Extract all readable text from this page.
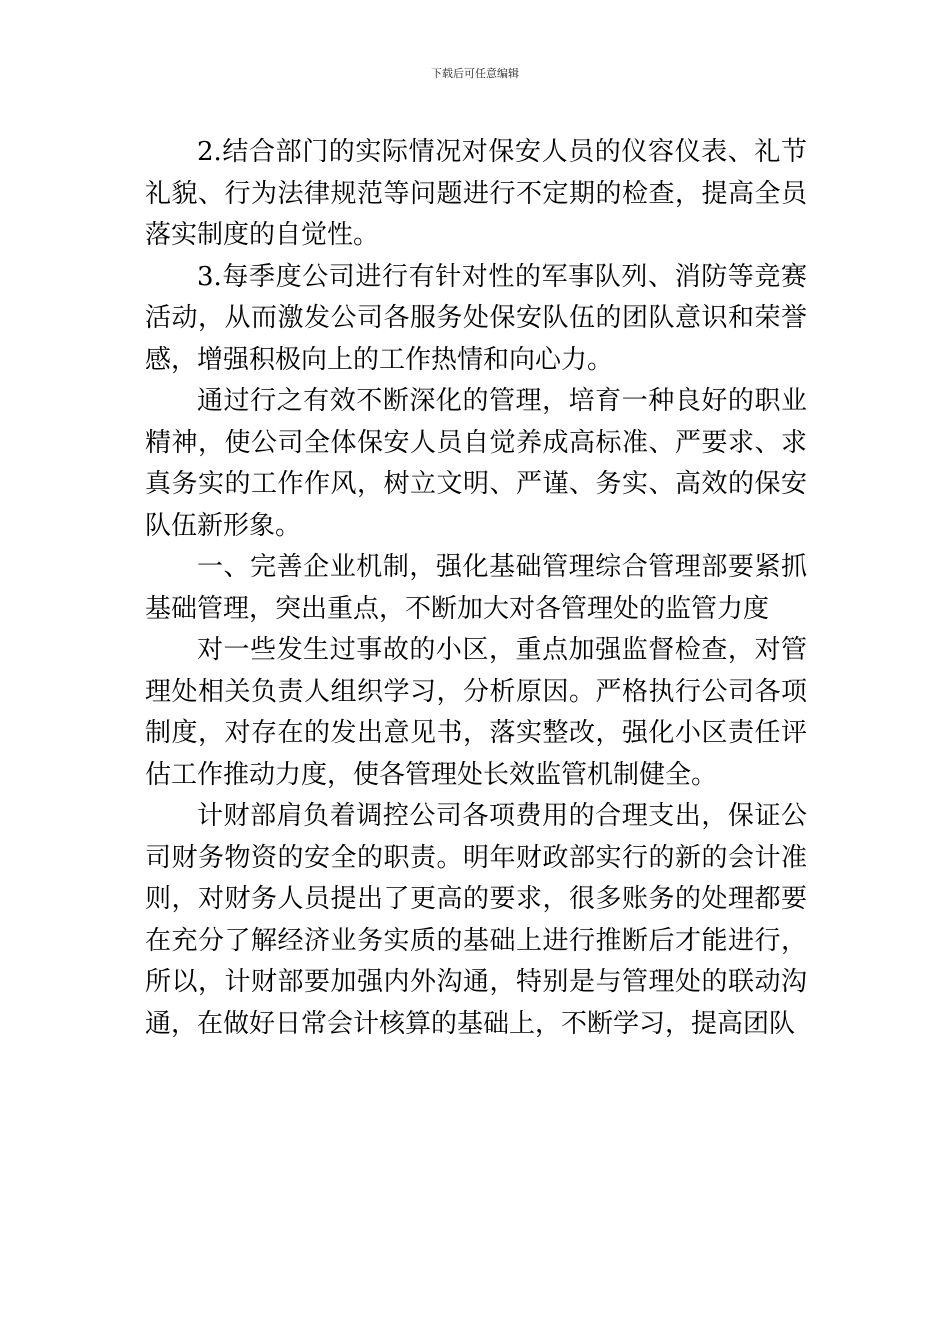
下载后可任意编辑

2.结合部门的实际情况对保安人员的仪容仪表、礼节礼貌、行为法律规范等问题进行不定期的检查，提高全员落实制度的自觉性。

3.每季度公司进行有针对性的军事队列、消防等竞赛活动，从而激发公司各服务处保安队伍的团队意识和荣誉感，增强积极向上的工作热情和向心力。

通过行之有效不断深化的管理，培育一种良好的职业精神，使公司全体保安人员自觉养成高标准、严要求、求真务实的工作作风，树立文明、严谨、务实、高效的保安队伍新形象。

一、完善企业机制，强化基础管理综合管理部要紧抓基础管理，突出重点，不断加大对各管理处的监管力度

对一些发生过事故的小区，重点加强监督检查，对管理处相关负责人组织学习，分析原因。严格执行公司各项制度，对存在的发出意见书，落实整改，强化小区责任评估工作推动力度，使各管理处长效监管机制健全。

计财部肩负着调控公司各项费用的合理支出，保证公司财务物资的安全的职责。明年财政部实行的新的会计准则，对财务人员提出了更高的要求，很多账务的处理都要在充分了解经济业务实质的基础上进行推断后才能进行，所以，计财部要加强内外沟通，特别是与管理处的联动沟通，在做好日常会计核算的基础上，不断学习，提高团队
